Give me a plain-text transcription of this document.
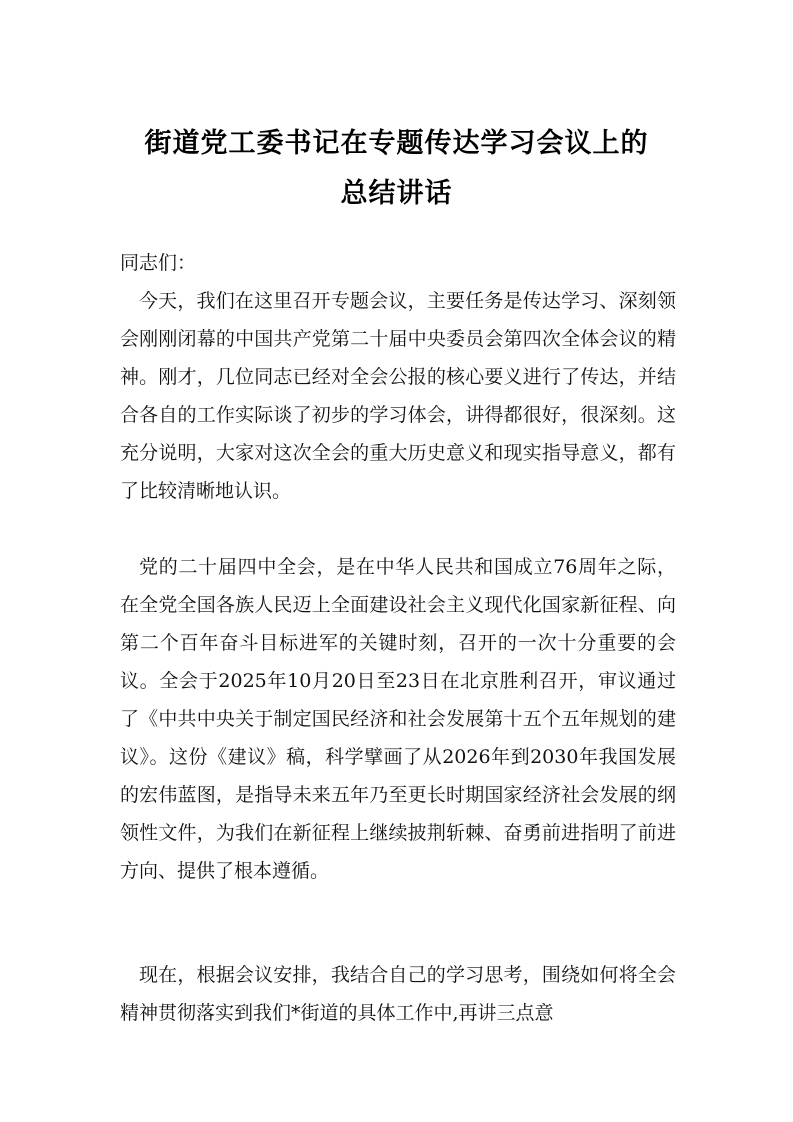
街道党工委书记在专题传达学习会议上的
总结讲话
同志们：
今天，我们在这里召开专题会议，主要任务是传达学习、深刻领会刚刚闭幕的中国共产党第二十届中央委员会第四次全体会议的精神。刚才，几位同志已经对全会公报的核心要义进行了传达，并结合各自的工作实际谈了初步的学习体会，讲得都很好，很深刻。这充分说明，大家对这次全会的重大历史意义和现实指导意义，都有了比较清晰地认识。
党的二十届四中全会，是在中华人民共和国成立76周年之际，在全党全国各族人民迈上全面建设社会主义现代化国家新征程、向第二个百年奋斗目标进军的关键时刻，召开的一次十分重要的会议。全会于2025年10月20日至23日在北京胜利召开，审议通过了《中共中央关于制定国民经济和社会发展第十五个五年规划的建议》。这份《建议》稿，科学擘画了从2026年到2030年我国发展的宏伟蓝图，是指导未来五年乃至更长时期国家经济社会发展的纲领性文件，为我们在新征程上继续披荆斩棘、奋勇前进指明了前进方向、提供了根本遵循。
现在，根据会议安排，我结合自己的学习思考，围绕如何将全会精神贯彻落实到我们*街道的具体工作中,再讲三点意
